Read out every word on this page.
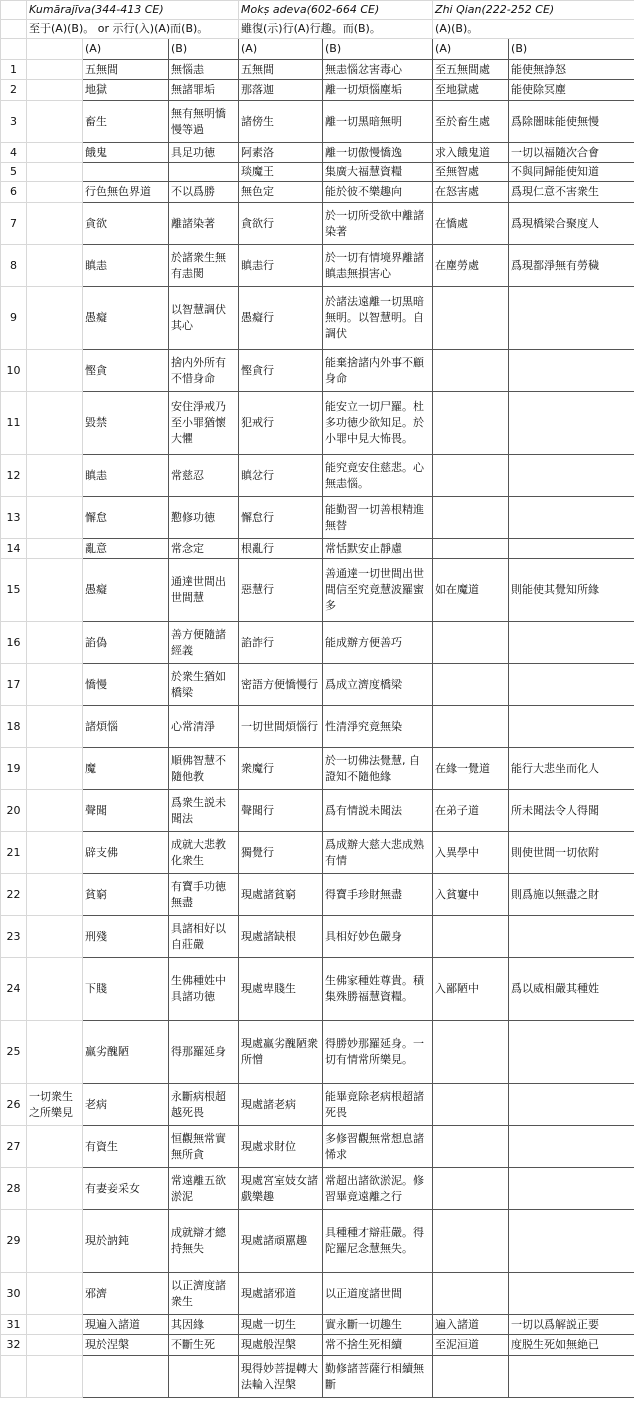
	Kumārajīva(344-413 CE)			Mokṣ adeva(602-664 CE)		Zhi Qian(222-252 CE)	
	至于(A)(B)。 or 示行(入)(A)而(B)。			雖復(示)行(A)行趣。而(B)。		(A)(B)。	
		(A)	(B)	(A)	(B)	(A)	(B)
1		五無間	無惱恚	五無間	無恚惱忿害毒心	至五無間處	能使無諍怒
2		地獄	無諸罪垢	那落迦	離一切煩惱塵垢	至地獄處	能使除冥塵
3		畜生	無有無明憍慢等過	諸傍生	離一切黑暗無明	至於畜生處	爲除闇昧能使無慢
4		餓鬼	具足功徳	阿素洛	離一切傲慢憍逸	求入餓鬼道	一切以福隨次合會
5				琰魔王	集廣大福慧資糧	至無智處	不與同歸能使知道
6		行色無色界道	不以爲勝	無色定	能於彼不樂趣向	在怒害處	爲現仁意不害衆生
7		貪欲	離諸染著	貪欲行	於一切所受欲中離諸染著	在憍處	爲現橋梁合聚度人
8		瞋恚	於諸衆生無有恚閡	瞋恚行	於一切有情境界離諸瞋恚無損害心	在塵勞處	爲現都淨無有勞穢
9		愚癡	以智慧調伏其心	愚癡行	於諸法遠離一切黒暗無明。以智慧明。自調伏		
10		慳貪	捨内外所有不惜身命	慳貪行	能棄捨諸内外事不顧身命		
11		毀禁	安住淨戒乃至小罪猶懷大懼	犯戒行	能安立一切尸羅。杜多功徳少欲知足。於小罪中見大怖畏。		
12		瞋恚	常慈忍	瞋忿行	能究竟安住慈悲。心無恚惱。		
13		懈怠	懃修功徳	懈怠行	能勤習一切善根精進無替		
14		亂意	常念定	根亂行	常恬默安止靜慮		
15		愚癡	通達世間出世間慧	惡慧行	善通達一切世間出世間信至究竟慧波羅蜜多	如在魔道	則能使其覺知所緣
16		諂偽	善方便隨諸經義	諂詐行	能成辦方便善巧		
17		憍慢	於衆生猶如橋梁	密語方便憍慢行	爲成立濟度橋梁		
18		諸煩惱	心常清淨	一切世間煩惱行	性清淨究竟無染		
19		魔	順佛智慧不隨他教	衆魔行	於一切佛法覺慧, 自證知不隨他緣	在緣一覺道	能行大悲坐而化人
20		聲聞	爲衆生説未聞法	聲聞行	爲有情説未聞法	在弟子道	所未聞法令人得聞
21		辟支佛	成就大悲教化衆生	獨覺行	爲成辦大慈大悲成熟有情	入異學中	則使世間一切依附
22		貧窮	有寶手功徳無盡	現處諸貧窮	得寶手珍財無盡	入貧窶中	則爲施以無盡之財
23		刑殘	具諸相好以自莊嚴	現處諸缺根	具相好妙色嚴身		
24		下賤	生佛種姓中具諸功徳	現處卑賤生	生佛家種姓尊貴。積集殊勝福慧資糧。	入鄙陋中	爲以威相嚴其種姓
25		羸劣醜陋	得那羅延身	現處羸劣醜陋衆所憎	得勝妙那羅延身。一切有情常所樂見。		
26	一切衆生之所樂見	老病	永斷病根超越死畏	現處諸老病	能畢竟除老病根超諸死畏		
27		有資生	恒觀無常實無所貪	現處求財位	多修習觀無常想息諸悕求		
28		有妻妾采女	常遠離五欲淤泥	現處宮室妓女諸戲樂趣	常超出諸欲淤泥。修習畢竟遠離之行		
29		現於訥鈍	成就辯才總持無失	現處諸頑嚚趣	具種種才辯莊嚴。得陀羅尼念慧無失。		
30		邪濟	以正濟度諸衆生	現處諸邪道	以正道度諸世間		
31		現遍入諸道	其因緣	現處一切生	實永斷一切趣生	遍入諸道	一切以爲解説正要
32		現於涅槃	不斷生死	現處般涅槃	常不捨生死相續	至泥洹道	度脱生死如無絶已
				現得妙菩提轉大法輪入涅槃	勤修諸菩薩行相續無斷		
